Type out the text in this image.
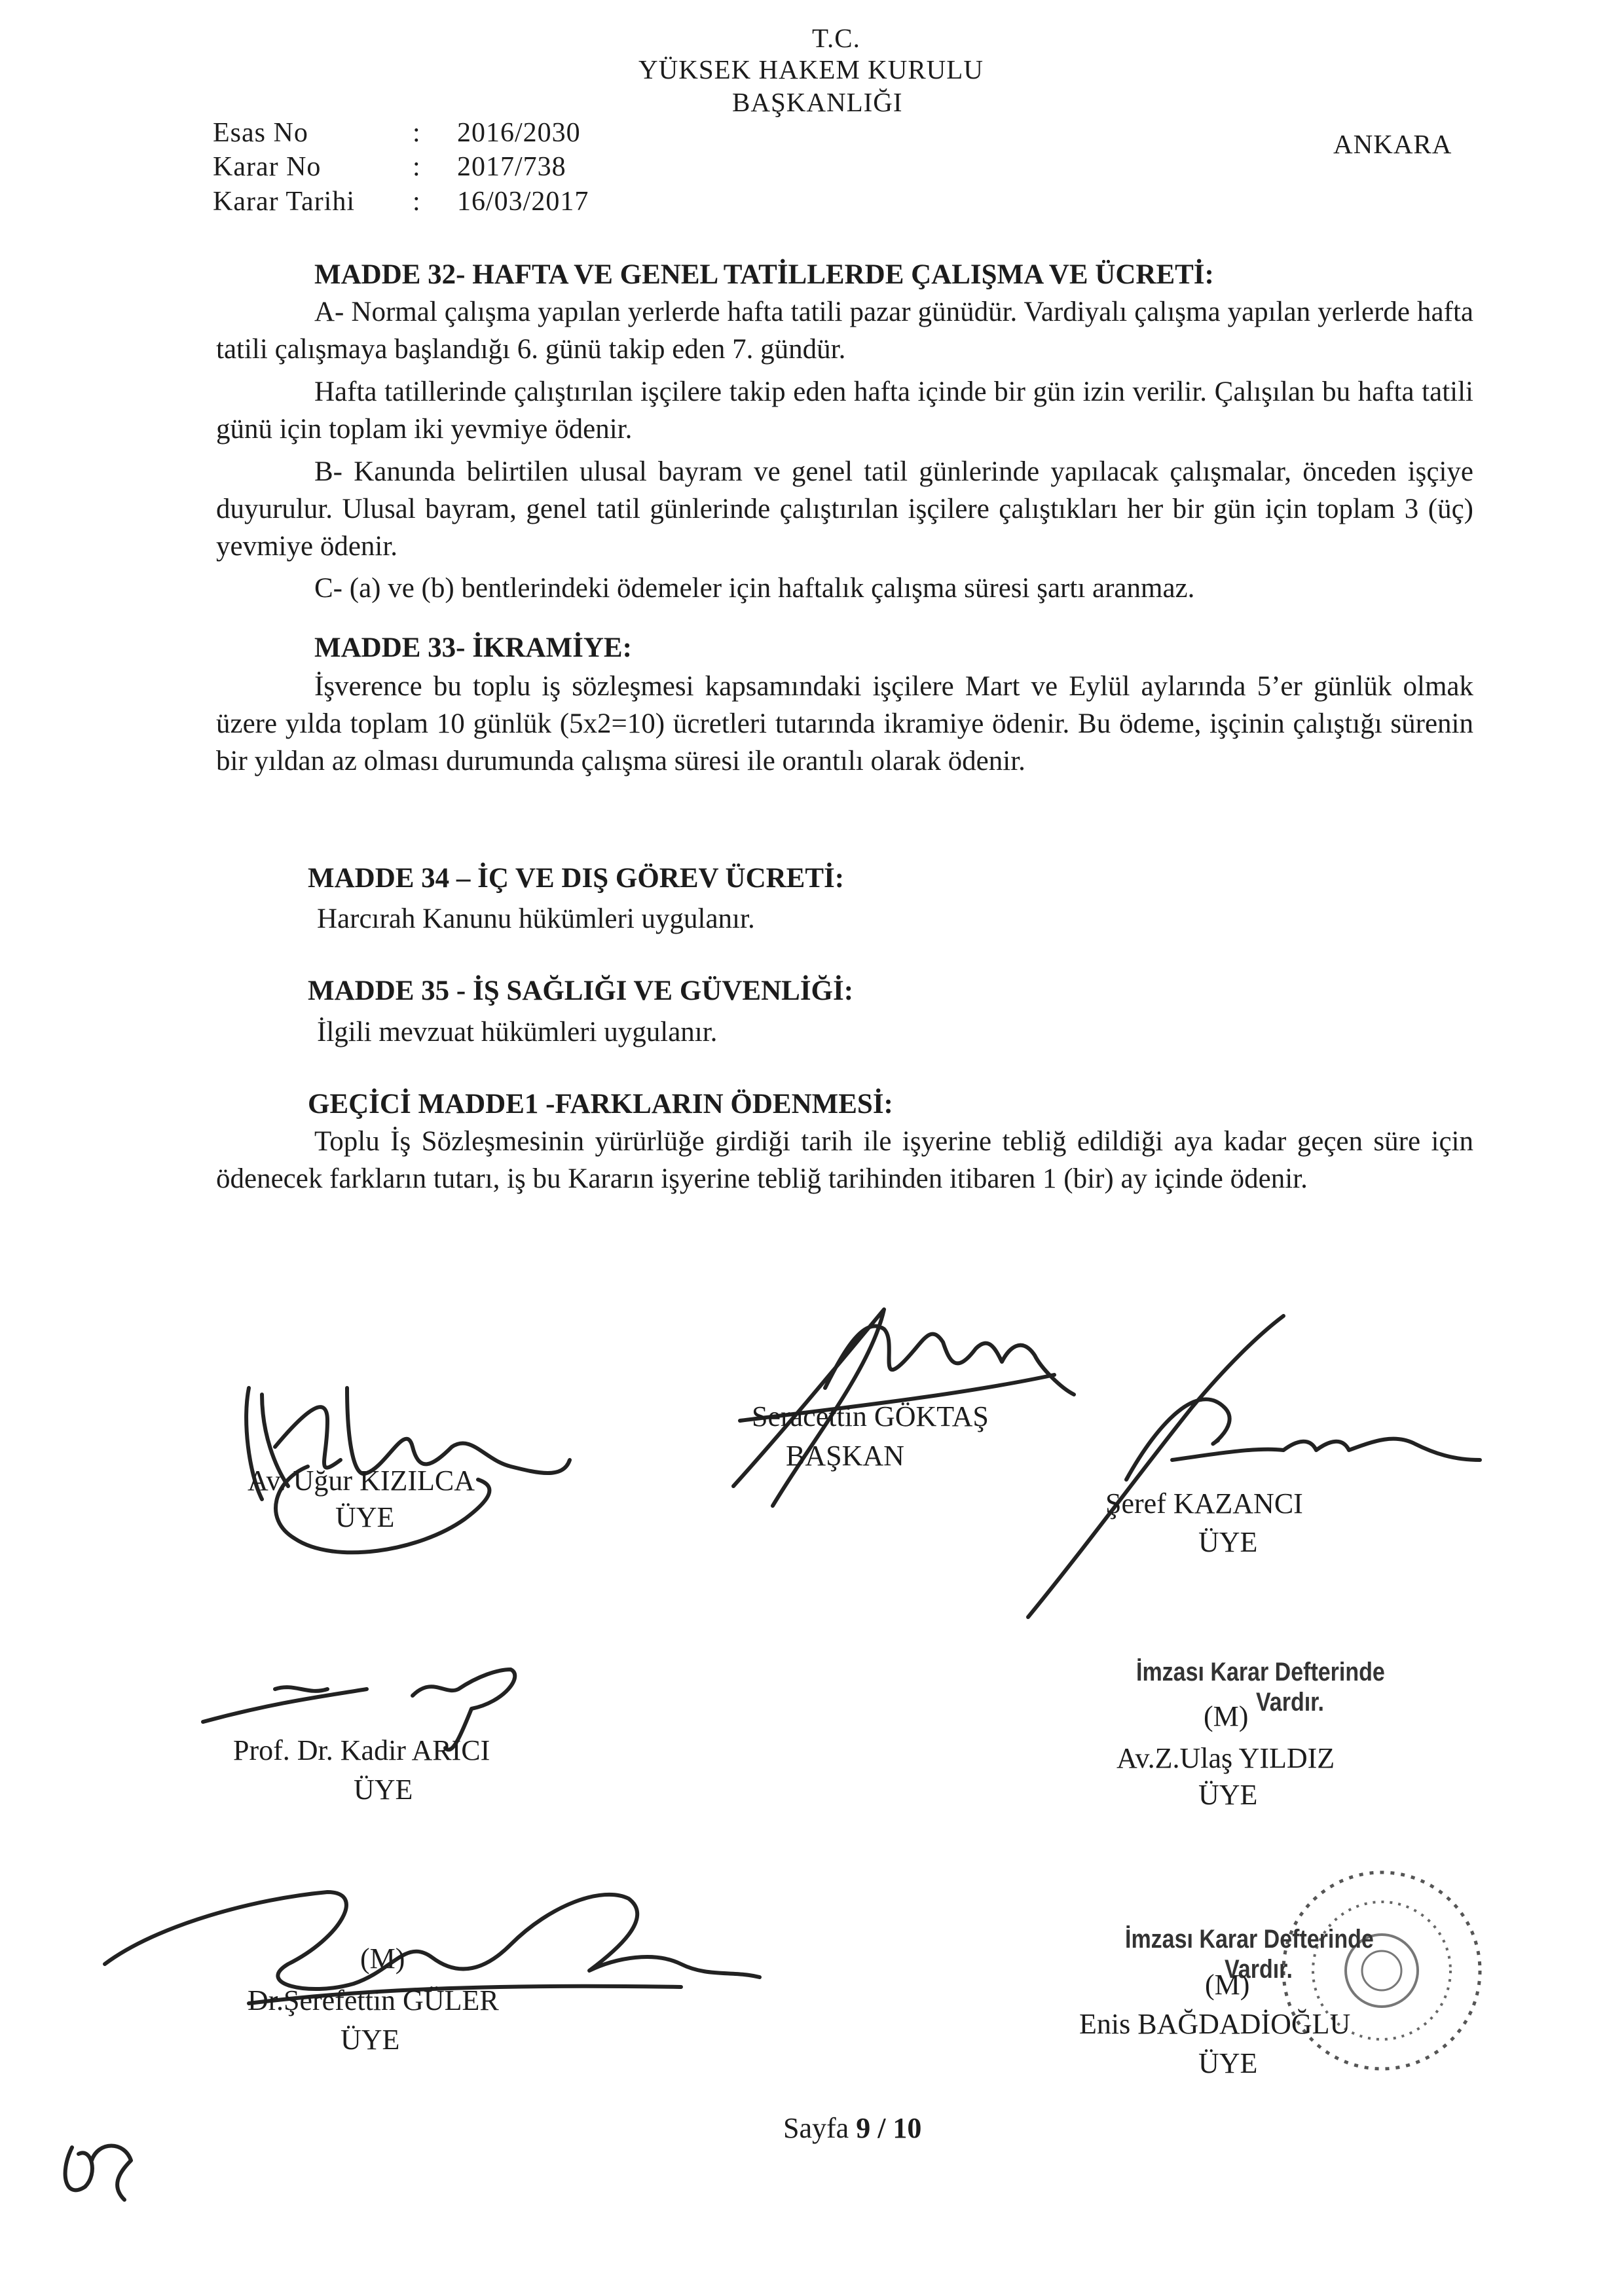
T.C.
YÜKSEK HAKEM KURULU
BAŞKANLIĞI
ANKARA
Esas No	: 2016/2030
Karar No	: 2017/738
Karar Tarihi : 16/03/2017
MADDE 32- HAFTA VE GENEL TATİLLERDE ÇALIŞMA VE ÜCRETİ:
A- Normal çalışma yapılan yerlerde hafta tatili pazar günüdür. Vardiyalı çalışma yapılan yerlerde hafta tatili çalışmaya başlandığı 6. günü takip eden 7. gündür.
Hafta tatillerinde çalıştırılan işçilere takip eden hafta içinde bir gün izin verilir. Çalışılan bu hafta tatili günü için toplam iki yevmiye ödenir.
B- Kanunda belirtilen ulusal bayram ve genel tatil günlerinde yapılacak çalışmalar, önceden işçiye duyurulur. Ulusal bayram, genel tatil günlerinde çalıştırılan işçilere çalıştıkları her bir gün için toplam 3 (üç) yevmiye ödenir.
C- (a) ve (b) bentlerindeki ödemeler için haftalık çalışma süresi şartı aranmaz.
MADDE 33- İKRAMİYE:
İşverence bu toplu iş sözleşmesi kapsamındaki işçilere Mart ve Eylül aylarında 5’er günlük olmak üzere yılda toplam 10 günlük (5x2=10) ücretleri tutarında ikramiye ödenir. Bu ödeme, işçinin çalıştığı sürenin bir yıldan az olması durumunda çalışma süresi ile orantılı olarak ödenir.
MADDE 34 – İÇ VE DIŞ GÖREV ÜCRETİ:
Harcırah Kanunu hükümleri uygulanır.
MADDE 35 - İŞ SAĞLIĞI VE GÜVENLİĞİ:
İlgili mevzuat hükümleri uygulanır.
GEÇİCİ MADDE1 -FARKLARIN ÖDENMESİ:
Toplu İş Sözleşmesinin yürürlüğe girdiği tarih ile işyerine tebliğ edildiği aya kadar geçen süre için ödenecek farkların tutarı, iş bu Kararın işyerine tebliğ tarihinden itibaren 1 (bir) ay içinde ödenir.
Seracettin GÖKTAŞ
BAŞKAN
Av. Uğur KIZILCA
ÜYE	Şeref KAZANCI
ÜYE
İmzası Karar Defterinde
Vardır.
(M)
Av.Z.Ulaş YILDIZ
ÜYE
Prof. Dr. Kadir ARICI
ÜYE
(M)
Dr.Şerefettin GÜLER
ÜYE
İmzası Karar Defterinde
Vardır.
(M)
Enis BAĞDADİOĞLU
ÜYE
Sayfa 9 / 10
